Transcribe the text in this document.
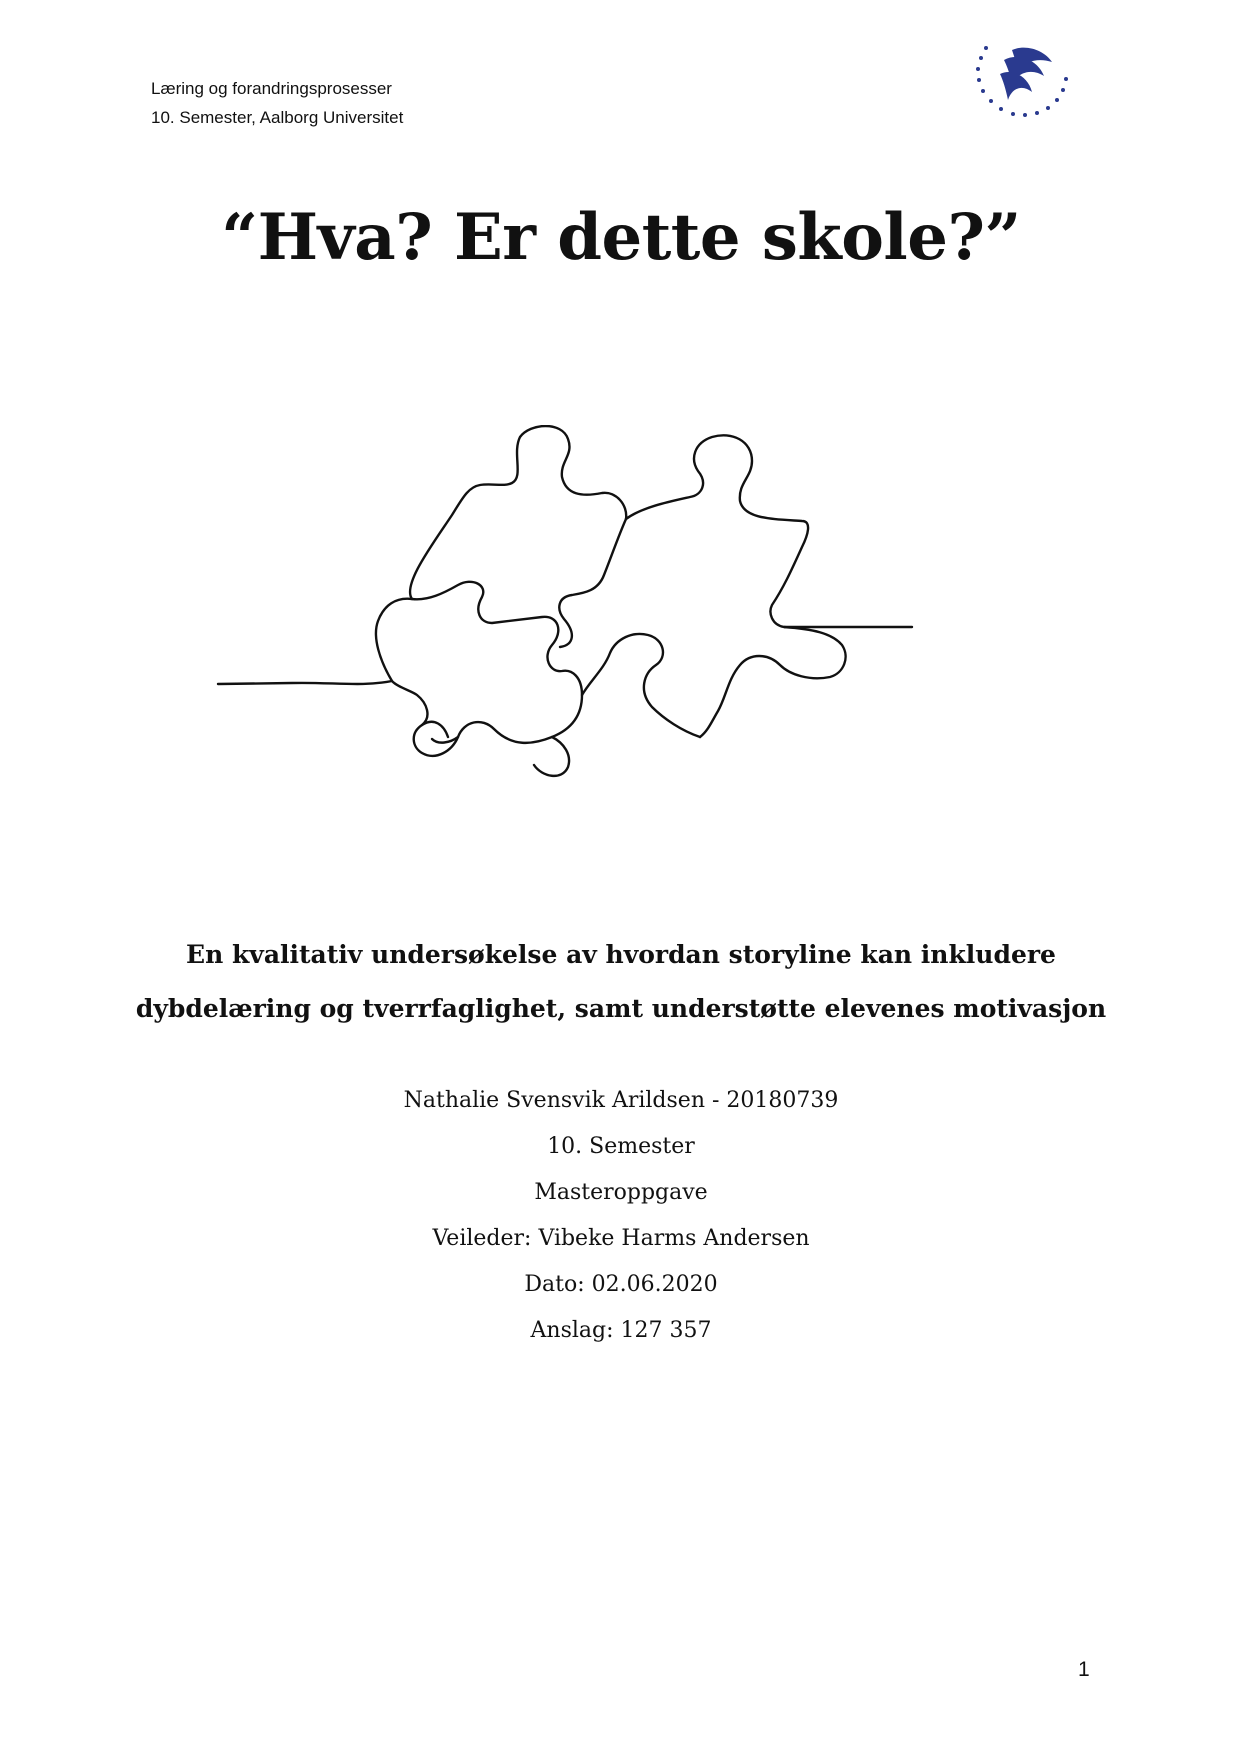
Læring og forandringsprosesser
10. Semester, Aalborg Universitet
“Hva? Er dette skole?”
En kvalitativ undersøkelse av hvordan storyline kan inkludere
dybdelæring og tverrfaglighet, samt understøtte elevenes motivasjon
Nathalie Svensvik Arildsen - 20180739
10. Semester
Masteroppgave
Veileder: Vibeke Harms Andersen
Dato: 02.06.2020
Anslag: 127 357
1
